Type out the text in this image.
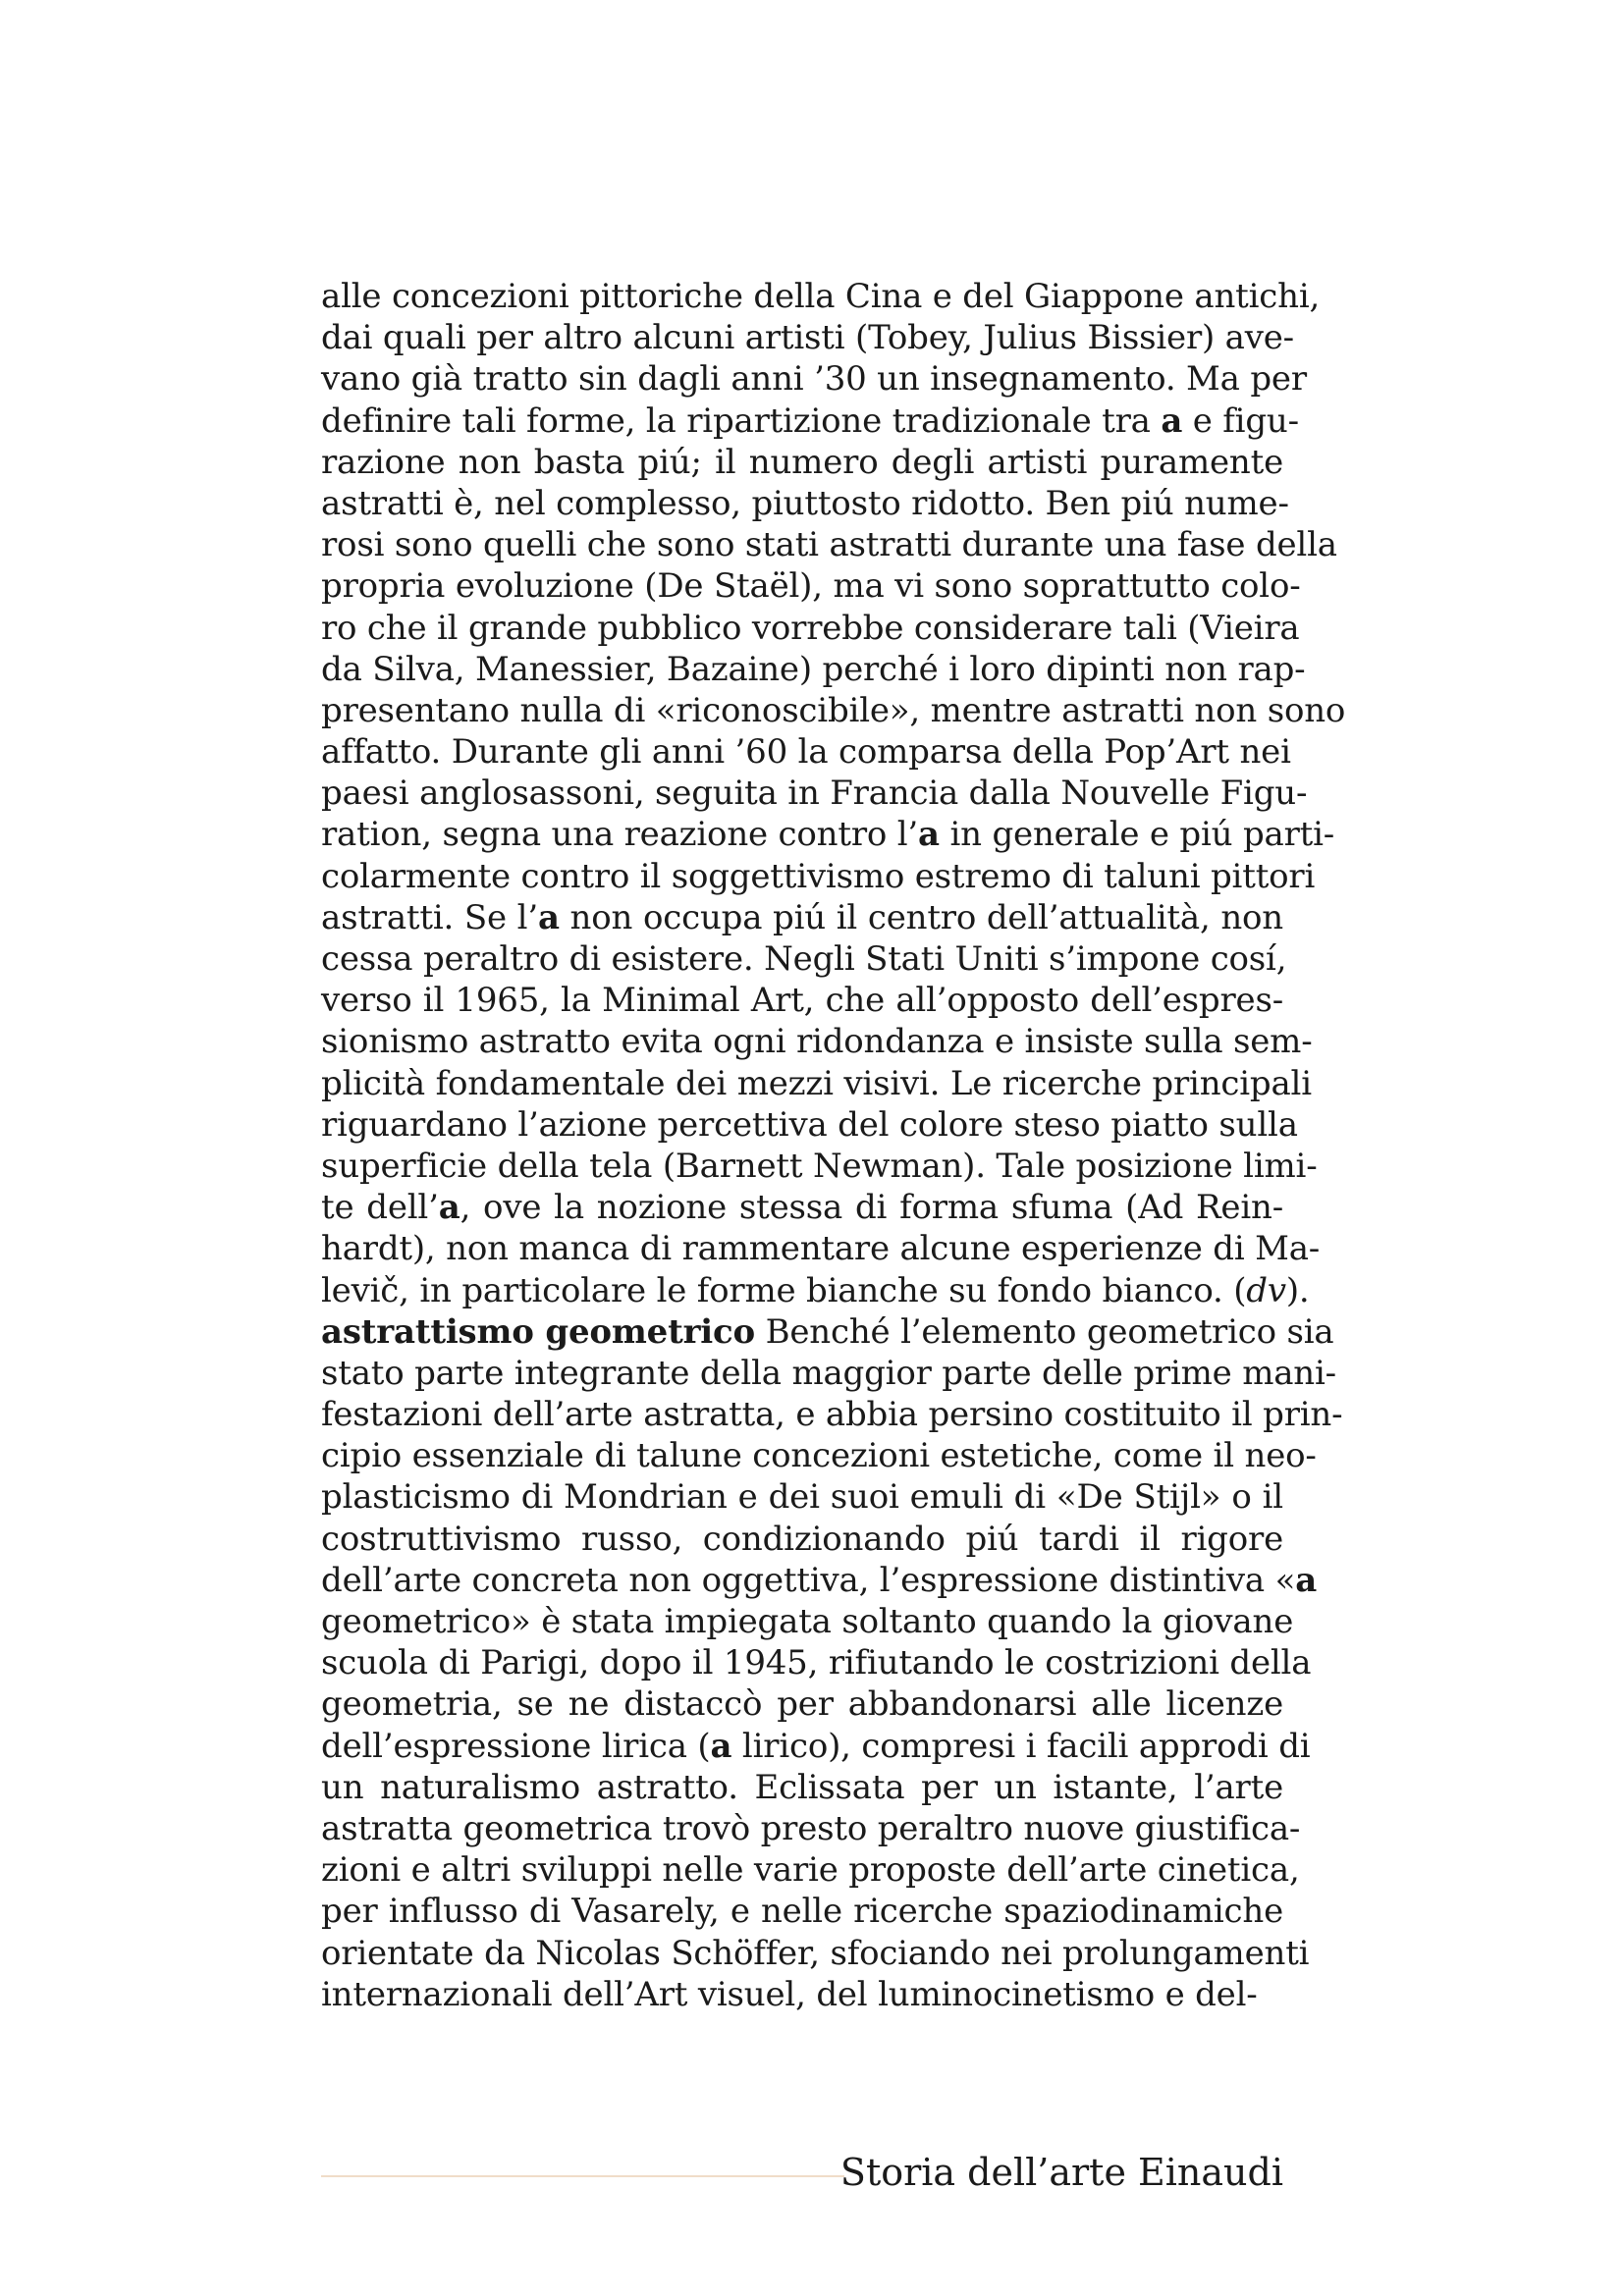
alle concezioni pittoriche della Cina e del Giappone antichi,
dai quali per altro alcuni artisti (Tobey, Julius Bissier) ave-
vano già tratto sin dagli anni ’30 un insegnamento. Ma per
definire tali forme, la ripartizione tradizionale tra a e figu-
razione non basta piú; il numero degli artisti puramente
astratti è, nel complesso, piuttosto ridotto. Ben piú nume-
rosi sono quelli che sono stati astratti durante una fase della
propria evoluzione (De Staël), ma vi sono soprattutto colo-
ro che il grande pubblico vorrebbe considerare tali (Vieira
da Silva, Manessier, Bazaine) perché i loro dipinti non rap-
presentano nulla di «riconoscibile», mentre astratti non sono
affatto. Durante gli anni ’60 la comparsa della Pop’Art nei
paesi anglosassoni, seguita in Francia dalla Nouvelle Figu-
ration, segna una reazione contro l’a in generale e piú parti-
colarmente contro il soggettivismo estremo di taluni pittori
astratti. Se l’a non occupa piú il centro dell’attualità, non
cessa peraltro di esistere. Negli Stati Uniti s’impone cosí,
verso il 1965, la Minimal Art, che all’opposto dell’espres-
sionismo astratto evita ogni ridondanza e insiste sulla sem-
plicità fondamentale dei mezzi visivi. Le ricerche principali
riguardano l’azione percettiva del colore steso piatto sulla
superficie della tela (Barnett Newman). Tale posizione limi-
te dell’a, ove la nozione stessa di forma sfuma (Ad Rein-
hardt), non manca di rammentare alcune esperienze di Ma-
levič, in particolare le forme bianche su fondo bianco. (dv).
astrattismo geometrico Benché l’elemento geometrico sia
stato parte integrante della maggior parte delle prime mani-
festazioni dell’arte astratta, e abbia persino costituito il prin-
cipio essenziale di talune concezioni estetiche, come il neo-
plasticismo di Mondrian e dei suoi emuli di «De Stijl» o il
costruttivismo russo, condizionando piú tardi il rigore
dell’arte concreta non oggettiva, l’espressione distintiva «a
geometrico» è stata impiegata soltanto quando la giovane
scuola di Parigi, dopo il 1945, rifiutando le costrizioni della
geometria, se ne distaccò per abbandonarsi alle licenze
dell’espressione lirica (a lirico), compresi i facili approdi di
un naturalismo astratto. Eclissata per un istante, l’arte
astratta geometrica trovò presto peraltro nuove giustifica-
zioni e altri sviluppi nelle varie proposte dell’arte cinetica,
per influsso di Vasarely, e nelle ricerche spaziodinamiche
orientate da Nicolas Schöffer, sfociando nei prolungamenti
internazionali dell’Art visuel, del luminocinetismo e del-
Storia dell’arte Einaudi
